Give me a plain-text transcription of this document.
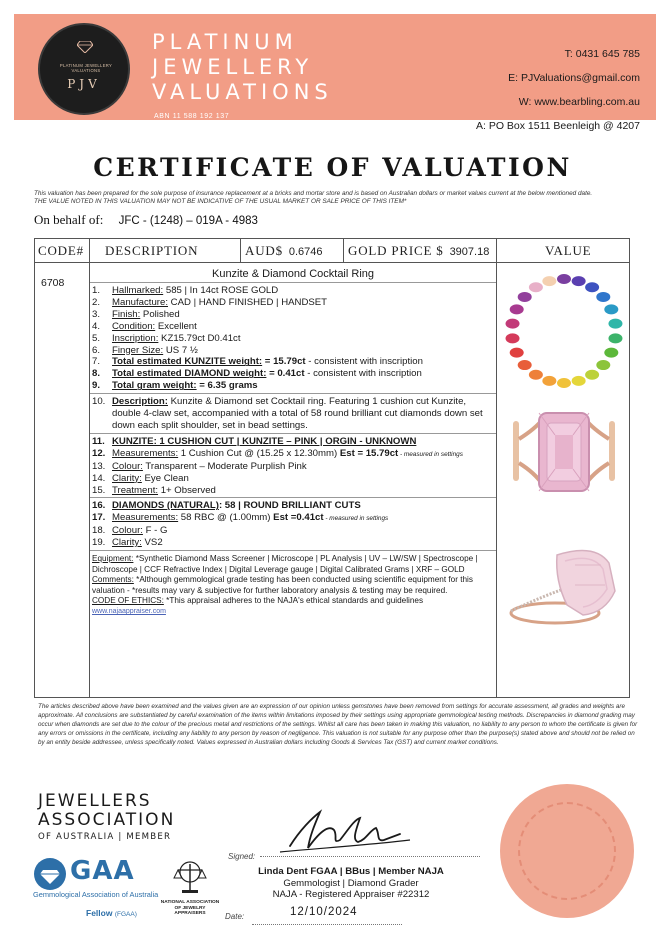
PLATINUM JEWELLERY VALUATIONS
PJV
PLATINUM
JEWELLERY
VALUATIONS
ABN 11 588 192 137
T: 0431 645 785
E: PJValuations@gmail.com
W: www.bearbling.com.au
A: PO Box 1511 Beenleigh @ 4207
CERTIFICATE OF VALUATION
This valuation has been prepared for the sole purpose of insurance replacement at a bricks and mortar store and is based on Australian dollars or market values current at the below mentioned date.
THE VALUE NOTED IN THIS VALUATION MAY NOT BE INDICATIVE OF THE USUAL MARKET OR SALE PRICE OF THIS ITEM*
On behalf of: JFC - (1248) – 019A - 4983
CODE# DESCRIPTION	AUD$ 0.6746 GOLD PRICE $ 3907.18	VALUE
6708
Kunzite & Diamond Cocktail Ring
1.	Hallmarked: 585 | In 14ct ROSE GOLD
2.	Manufacture: CAD | HAND FINISHED | HANDSET
3.	Finish: Polished
4.	Condition: Excellent
5.	Inscription: KZ15.79ct D0.41ct
6.	Finger Size: US 7 ½
7.	Total estimated KUNZITE weight: = 15.79ct - consistent with inscription
8.	Total estimated DIAMOND weight: = 0.41ct - consistent with inscription
9.	Total gram weight: = 6.35 grams
10. Description: Kunzite & Diamond set Cocktail ring. Featuring 1 cushion cut Kunzite, double 4-claw set, accompanied with a total of 58 round brilliant cut diamonds down set down each split shoulder, set in bead settings.
11. KUNZITE: 1 CUSHION CUT | KUNZITE – PINK | ORGIN - UNKNOWN
12. Measurements: 1 Cushion Cut @ (15.25 x 12.30mm) Est = 15.79ct - measured in settings
13. Colour: Transparent – Moderate Purplish Pink
14. Clarity: Eye Clean
15. Treatment: 1+ Observed
16. DIAMONDS (NATURAL): 58 | ROUND BRILLIANT CUTS
17. Measurements: 58 RBC @ (1.00mm) Est =0.41ct - measured in settings
18. Colour: F - G
19. Clarity: VS2
Equipment: *Synthetic Diamond Mass Screener | Microscope | PL Analysis | UV – LW/SW | Spectroscope | Dichroscope | CCF Refractive Index | Digital Leverage gauge | Digital Calibrated Grams | XRF – GOLD
Comments: *Although gemmological grade testing has been conducted using scientific equipment for this valuation - *results may vary & subjective for further laboratory analysis & testing may be required.
CODE OF ETHICS: *This appraisal adheres to the NAJA's ethical standards and guidelines
www.najaappraiser.com
The articles described above have been examined and the values given are an expression of our opinion unless gemstones have been removed from settings for accurate assessment, all grades and weights are approximate. All conclusions are substantiated by careful examination of the items within limitations imposed by their settings using appropriate gemmological testing methods. Discrepancies in diamond grading may occur when diamonds are set due to the colour of the precious metal and restrictions of the settings. Whilst all care has been taken in making this valuation, no liability to any person to whom the certificate is given for any errors or omissions in the certificate, including any liability to any person by reason of negligence. This valuation is not suitable for any purpose other than the purpose(s) stated above and should not be relied on by an entity beside addressee, unless specifically noted. Values expressed in Australian dollars including Goods & Services Tax (GST) and current market conditions.
JEWELLERS
ASSOCIATION
OF AUSTRALIA | MEMBER
GAA
Gemmological Association of Australia
Fellow (FGAA)
NATIONAL ASSOCIATION OF JEWELRY APPRAISERS
Signed:
Linda Dent FGAA | BBus | Member NAJA
Gemmologist | Diamond Grader
NAJA - Registered Appraiser #22312
Date:	12/10/2024
